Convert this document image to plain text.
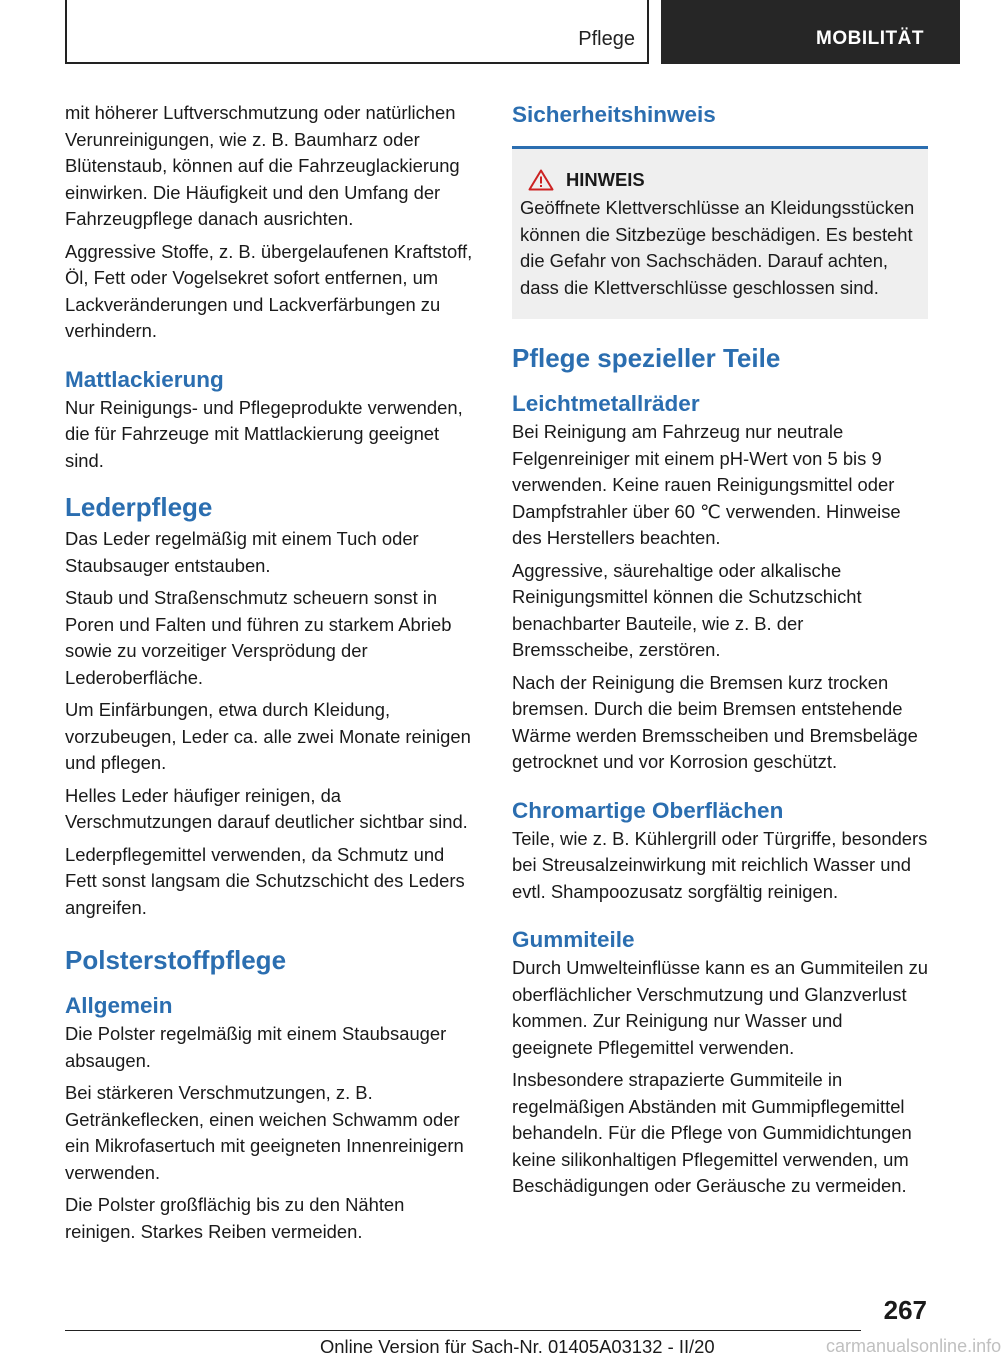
Pflege	MOBILITÄT

mit höherer Luftverschmutzung oder natürlichen Verunreinigungen, wie z. B. Baumharz oder Blütenstaub, können auf die Fahrzeuglackierung einwirken. Die Häufigkeit und den Umfang der Fahrzeugpflege danach ausrichten.

Aggressive Stoffe, z. B. übergelaufenen Kraftstoff, Öl, Fett oder Vogelsekret sofort entfernen, um Lackveränderungen und Lackverfärbungen zu verhindern.

Mattlackierung

Nur Reinigungs- und Pflegeprodukte verwenden, die für Fahrzeuge mit Mattlackierung geeignet sind.

Lederpflege

Das Leder regelmäßig mit einem Tuch oder Staubsauger entstauben.

Staub und Straßenschmutz scheuern sonst in Poren und Falten und führen zu starkem Abrieb sowie zu vorzeitiger Versprödung der Lederoberfläche.

Um Einfärbungen, etwa durch Kleidung, vorzubeugen, Leder ca. alle zwei Monate reinigen und pflegen.

Helles Leder häufiger reinigen, da Verschmutzungen darauf deutlicher sichtbar sind.

Lederpflegemittel verwenden, da Schmutz und Fett sonst langsam die Schutzschicht des Leders angreifen.

Polsterstoffpflege
Allgemein

Die Polster regelmäßig mit einem Staubsauger absaugen.

Bei stärkeren Verschmutzungen, z. B. Getränkeflecken, einen weichen Schwamm oder ein Mikrofasertuch mit geeigneten Innenreinigern verwenden.

Die Polster großflächig bis zu den Nähten reinigen. Starkes Reiben vermeiden.

Sicherheitshinweis
HINWEIS

Geöffnete Klettverschlüsse an Kleidungsstücken können die Sitzbezüge beschädigen. Es besteht die Gefahr von Sachschäden. Darauf achten, dass die Klettverschlüsse geschlossen sind.

Pflege spezieller Teile
Leichtmetallräder

Bei Reinigung am Fahrzeug nur neutrale Felgenreiniger mit einem pH-Wert von 5 bis 9 verwenden. Keine rauen Reinigungsmittel oder Dampfstrahler über 60 ℃ verwenden. Hinweise des Herstellers beachten.

Aggressive, säurehaltige oder alkalische Reinigungsmittel können die Schutzschicht benachbarter Bauteile, wie z. B. der Bremsscheibe, zerstören.

Nach der Reinigung die Bremsen kurz trocken bremsen. Durch die beim Bremsen entstehende Wärme werden Bremsscheiben und Bremsbeläge getrocknet und vor Korrosion geschützt.

Chromartige Oberflächen

Teile, wie z. B. Kühlergrill oder Türgriffe, besonders bei Streusalzeinwirkung mit reichlich Wasser und evtl. Shampoozusatz sorgfältig reinigen.

Gummiteile

Durch Umwelteinflüsse kann es an Gummiteilen zu oberflächlicher Verschmutzung und Glanzverlust kommen. Zur Reinigung nur Wasser und geeignete Pflegemittel verwenden.

Insbesondere strapazierte Gummiteile in regelmäßigen Abständen mit Gummipflegemittel behandeln. Für die Pflege von Gummidichtungen keine silikonhaltigen Pflegemittel verwenden, um Beschädigungen oder Geräusche zu vermeiden.

267
Online Version für Sach-Nr. 01405A03132 - II/20	carmanualsonline.info
